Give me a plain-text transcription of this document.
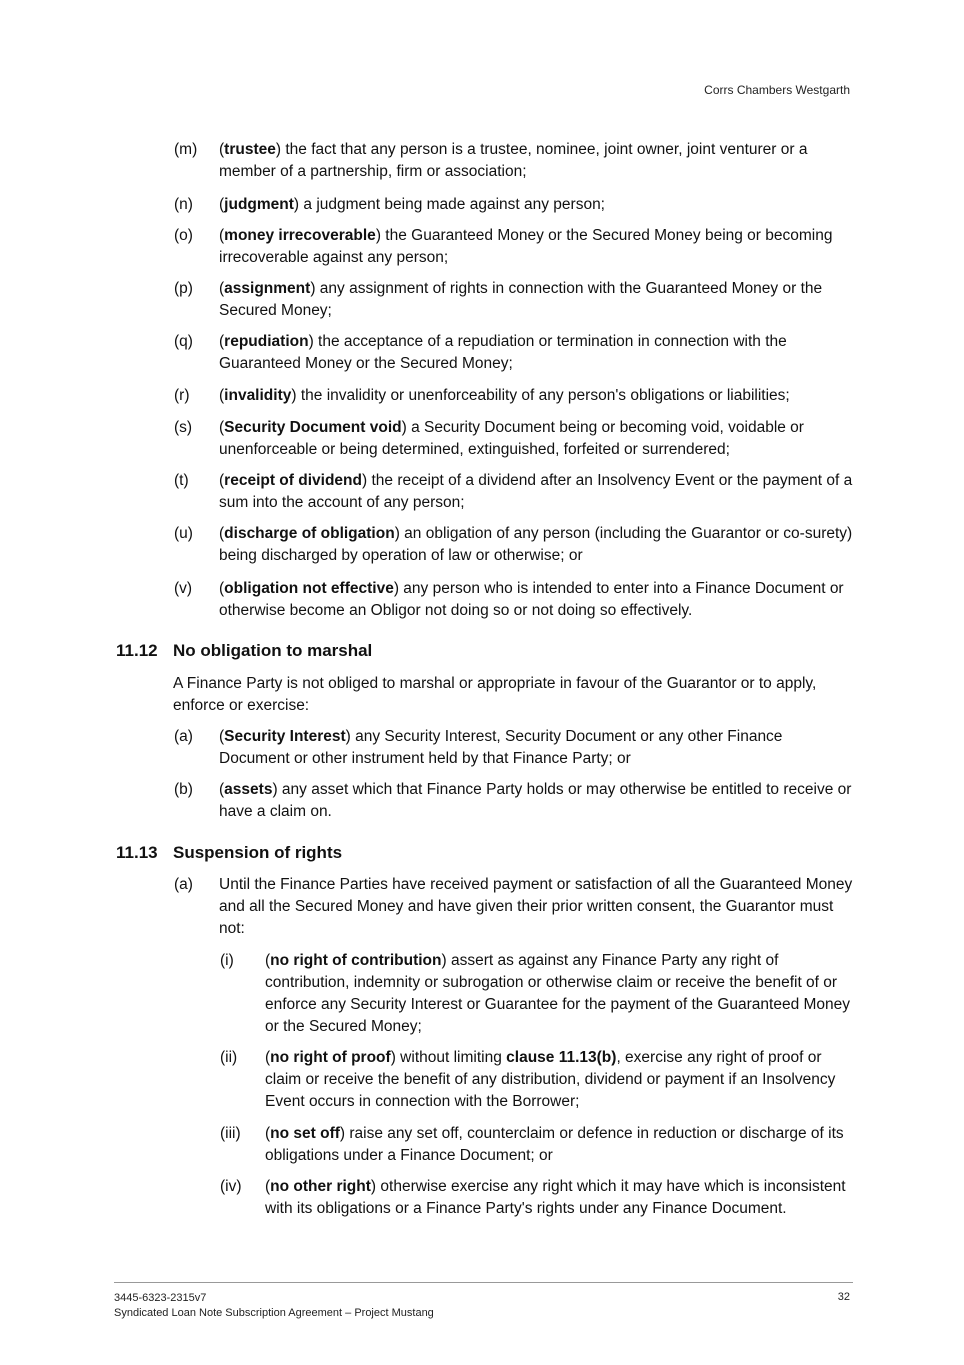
Corrs Chambers Westgarth
(m) (trustee) the fact that any person is a trustee, nominee, joint owner, joint venturer or a member of a partnership, firm or association;
(n) (judgment) a judgment being made against any person;
(o) (money irrecoverable) the Guaranteed Money or the Secured Money being or becoming irrecoverable against any person;
(p) (assignment) any assignment of rights in connection with the Guaranteed Money or the Secured Money;
(q) (repudiation) the acceptance of a repudiation or termination in connection with the Guaranteed Money or the Secured Money;
(r) (invalidity) the invalidity or unenforceability of any person's obligations or liabilities;
(s) (Security Document void) a Security Document being or becoming void, voidable or unenforceable or being determined, extinguished, forfeited or surrendered;
(t) (receipt of dividend) the receipt of a dividend after an Insolvency Event or the payment of a sum into the account of any person;
(u) (discharge of obligation) an obligation of any person (including the Guarantor or co-surety) being discharged by operation of law or otherwise; or
(v) (obligation not effective) any person who is intended to enter into a Finance Document or otherwise become an Obligor not doing so or not doing so effectively.
11.12 No obligation to marshal
A Finance Party is not obliged to marshal or appropriate in favour of the Guarantor or to apply, enforce or exercise:
(a) (Security Interest) any Security Interest, Security Document or any other Finance Document or other instrument held by that Finance Party; or
(b) (assets) any asset which that Finance Party holds or may otherwise be entitled to receive or have a claim on.
11.13 Suspension of rights
(a) Until the Finance Parties have received payment or satisfaction of all the Guaranteed Money and all the Secured Money and have given their prior written consent, the Guarantor must not:
(i) (no right of contribution) assert as against any Finance Party any right of contribution, indemnity or subrogation or otherwise claim or receive the benefit of or enforce any Security Interest or Guarantee for the payment of the Guaranteed Money or the Secured Money;
(ii) (no right of proof) without limiting clause 11.13(b), exercise any right of proof or claim or receive the benefit of any distribution, dividend or payment if an Insolvency Event occurs in connection with the Borrower;
(iii) (no set off) raise any set off, counterclaim or defence in reduction or discharge of its obligations under a Finance Document; or
(iv) (no other right) otherwise exercise any right which it may have which is inconsistent with its obligations or a Finance Party's rights under any Finance Document.
3445-6323-2315v7
Syndicated Loan Note Subscription Agreement – Project Mustang
32
